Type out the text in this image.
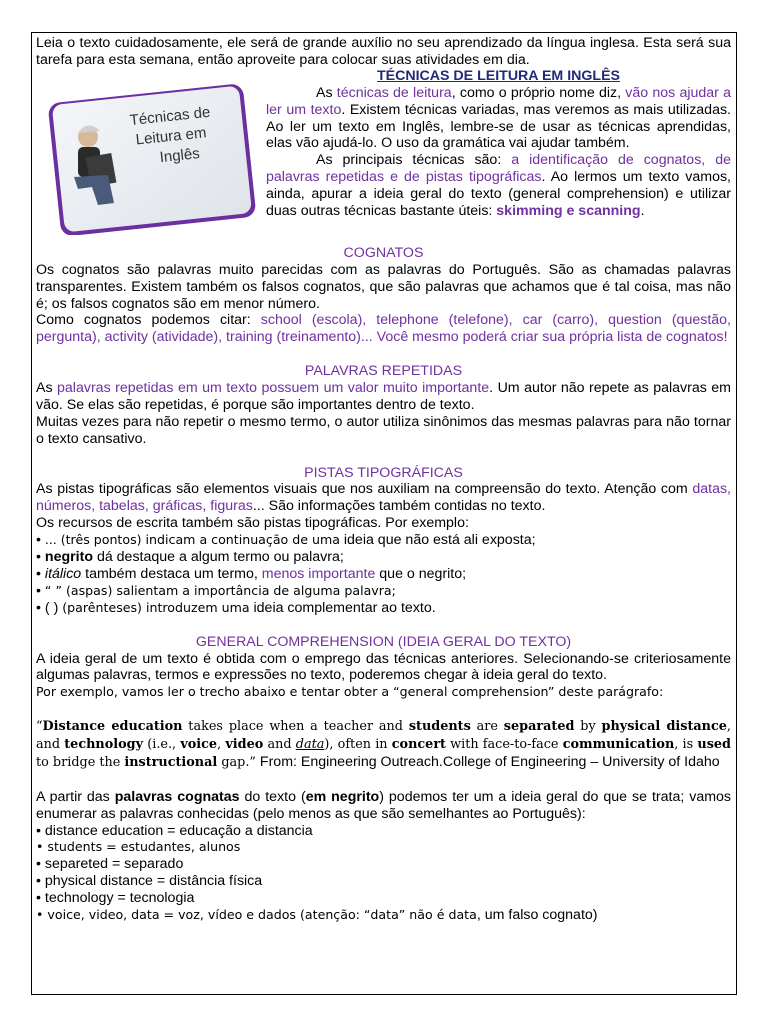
Leia o texto cuidadosamente, ele será de grande auxílio no seu aprendizado da língua inglesa. Esta será sua tarefa para esta semana, então aproveite para colocar suas atividades em dia.

Técnicas de
Leitura em
Inglês

TÉCNICAS DE LEITURA EM INGLÊS

As técnicas de leitura, como o próprio nome diz, vão nos ajudar a ler um texto. Existem técnicas variadas, mas veremos as mais utilizadas. Ao ler um texto em Inglês, lembre-se de usar as técnicas aprendidas, elas vão ajudá-lo. O uso da gramática vai ajudar também.

As principais técnicas são: a identificação de cognatos, de palavras repetidas e de pistas tipográficas. Ao lermos um texto vamos, ainda, apurar a ideia geral do texto (general comprehension) e utilizar duas outras técnicas bastante úteis: skimming e scanning.

COGNATOS

Os cognatos são palavras muito parecidas com as palavras do Português. São as chamadas palavras transparentes. Existem também os falsos cognatos, que são palavras que achamos que é tal coisa, mas não é; os falsos cognatos são em menor número.

Como cognatos podemos citar: school (escola), telephone (telefone), car (carro), question (questão, pergunta), activity (atividade), training (treinamento)... Você mesmo poderá criar sua própria lista de cognatos!

PALAVRAS REPETIDAS

As palavras repetidas em um texto possuem um valor muito importante. Um autor não repete as palavras em vão. Se elas são repetidas, é porque são importantes dentro de texto.

Muitas vezes para não repetir o mesmo termo, o autor utiliza sinônimos das mesmas palavras para não tornar o texto cansativo.

PISTAS TIPOGRÁFICAS

As pistas tipográficas são elementos visuais que nos auxiliam na compreensão do texto. Atenção com datas, números, tabelas, gráficas, figuras... São informações também contidas no texto.

Os recursos de escrita também são pistas tipográficas. Por exemplo:

• ... (três pontos) indicam a continuação de uma ideia que não está ali exposta;

• negrito dá destaque a algum termo ou palavra;

• itálico também destaca um termo, menos importante que o negrito;

• “ ” (aspas) salientam a importância de alguma palavra;

• ( ) (parênteses) introduzem uma ideia complementar ao texto.

GENERAL COMPREHENSION (IDEIA GERAL DO TEXTO)

A ideia geral de um texto é obtida com o emprego das técnicas anteriores. Selecionando-se criteriosamente algumas palavras, termos e expressões no texto, poderemos chegar à ideia geral do texto.

Por exemplo, vamos ler o trecho abaixo e tentar obter a “general comprehension” deste parágrafo:

“Distance education takes place when a teacher and students are separated by physical distance, and technology (i.e., voice, video and data), often in concert with face-to-face communication, is used to bridge the instructional gap.” From: Engineering Outreach.College of Engineering – University of Idaho

A partir das palavras cognatas do texto (em negrito) podemos ter um a ideia geral do que se trata; vamos enumerar as palavras conhecidas (pelo menos as que são semelhantes ao Português):

• distance education = educação a distancia

• students = estudantes, alunos

• separeted = separado

• physical distance = distância física

• technology = tecnologia

• voice, video, data = voz, vídeo e dados (atenção: “data” não é data, um falso cognato)
